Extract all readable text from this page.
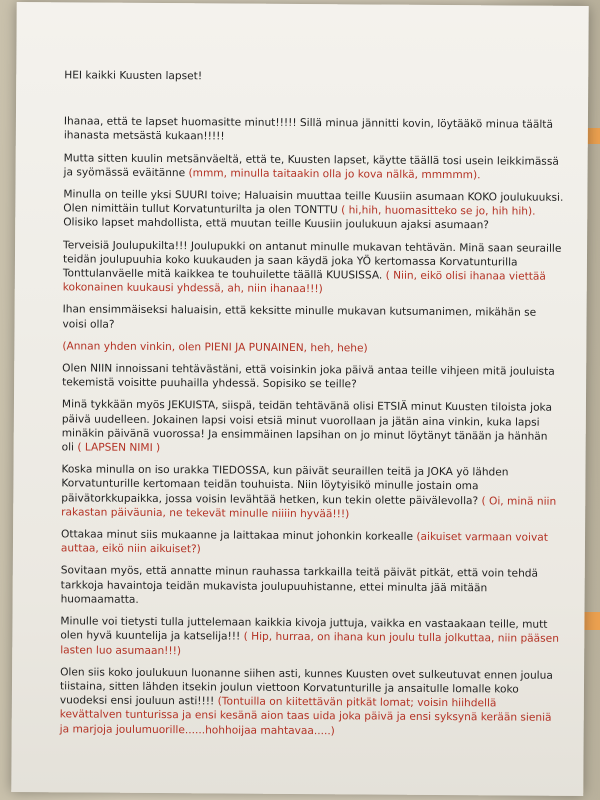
HEI kaikki Kuusten lapset!

Ihanaa, että te lapset huomasitte minut!!!!! Sillä minua jännitti kovin, löytääkö minua täältä ihanasta metsästä kukaan!!!!!

Mutta sitten kuulin metsänväeltä, että te, Kuusten lapset, käytte täällä tosi usein leikkimässä ja syömässä eväitänne (mmm, minulla taitaakin olla jo kova nälkä, mmmmm).

Minulla on teille yksi SUURI toive; Haluaisin muuttaa teille Kuusiin asumaan KOKO joulukuuksi. Olen nimittäin tullut Korvatunturilta ja olen TONTTU ( hi,hih, huomasitteko se jo, hih hih). Olisiko lapset mahdollista, että muutan teille Kuusiin joulukuun ajaksi asumaan?

Terveisiä Joulupukilta!!! Joulupukki on antanut minulle mukavan tehtävän. Minä saan seuraille teidän joulupuuhia koko kuukauden ja saan käydä joka YÖ kertomassa Korvatunturilla Tonttulanväelle mitä kaikkea te touhuilette täällä KUUSISSA. ( Niin, eikö olisi ihanaa viettää kokonainen kuukausi yhdessä, ah, niin ihanaa!!!)

Ihan ensimmäiseksi haluaisin, että keksitte minulle mukavan kutsumanimen, mikähän se voisi olla?

(Annan yhden vinkin, olen PIENI JA PUNAINEN, heh, hehe)

Olen NIIN innoissani tehtävästäni, että voisinkin joka päivä antaa teille vihjeen mitä jouluista tekemistä voisitte puuhailla yhdessä. Sopisiko se teille?

Minä tykkään myös JEKUISTA, siispä, teidän tehtävänä olisi ETSIÄ minut Kuusten tiloista joka päivä uudelleen. Jokainen lapsi voisi etsiä minut vuorollaan ja jätän aina vinkin, kuka lapsi minäkin päivänä vuorossa! Ja ensimmäinen lapsihan on jo minut löytänyt tänään ja hänhän oli ( LAPSEN NIMI )

Koska minulla on iso urakka TIEDOSSA, kun päivät seuraillen teitä ja JOKA yö lähden Korvatunturille kertomaan teidän touhuista. Niin löytyisikö minulle jostain oma päivätorkkupaikka, jossa voisin levähtää hetken, kun tekin olette päivälevolla? ( Oi, minä niin rakastan päiväunia, ne tekevät minulle niiiin hyvää!!!)

Ottakaa minut siis mukaanne ja laittakaa minut johonkin korkealle (aikuiset varmaan voivat auttaa, eikö niin aikuiset?)

Sovitaan myös, että annatte minun rauhassa tarkkailla teitä päivät pitkät, että voin tehdä tarkkoja havaintoja teidän mukavista joulupuuhistanne, ettei minulta jää mitään huomaamatta.

Minulle voi tietysti tulla juttelemaan kaikkia kivoja juttuja, vaikka en vastaakaan teille, mutt olen hyvä kuuntelija ja katselija!!! ( Hip, hurraa, on ihana kun joulu tulla jolkuttaa, niin pääsen lasten luo asumaan!!!)

Olen siis koko joulukuun luonanne siihen asti, kunnes Kuusten ovet sulkeutuvat ennen joulua tiistaina, sitten lähden itsekin joulun viettoon Korvatunturille ja ansaitulle lomalle koko vuodeksi ensi jouluun asti!!!! (Tontuilla on kiitettävän pitkät lomat; voisin hiihdellä kevättalven tunturissa ja ensi kesänä aion taas uida joka päivä ja ensi syksynä kerään sieniä ja marjoja joulumuorille......hohhoijaa mahtavaa.....)
